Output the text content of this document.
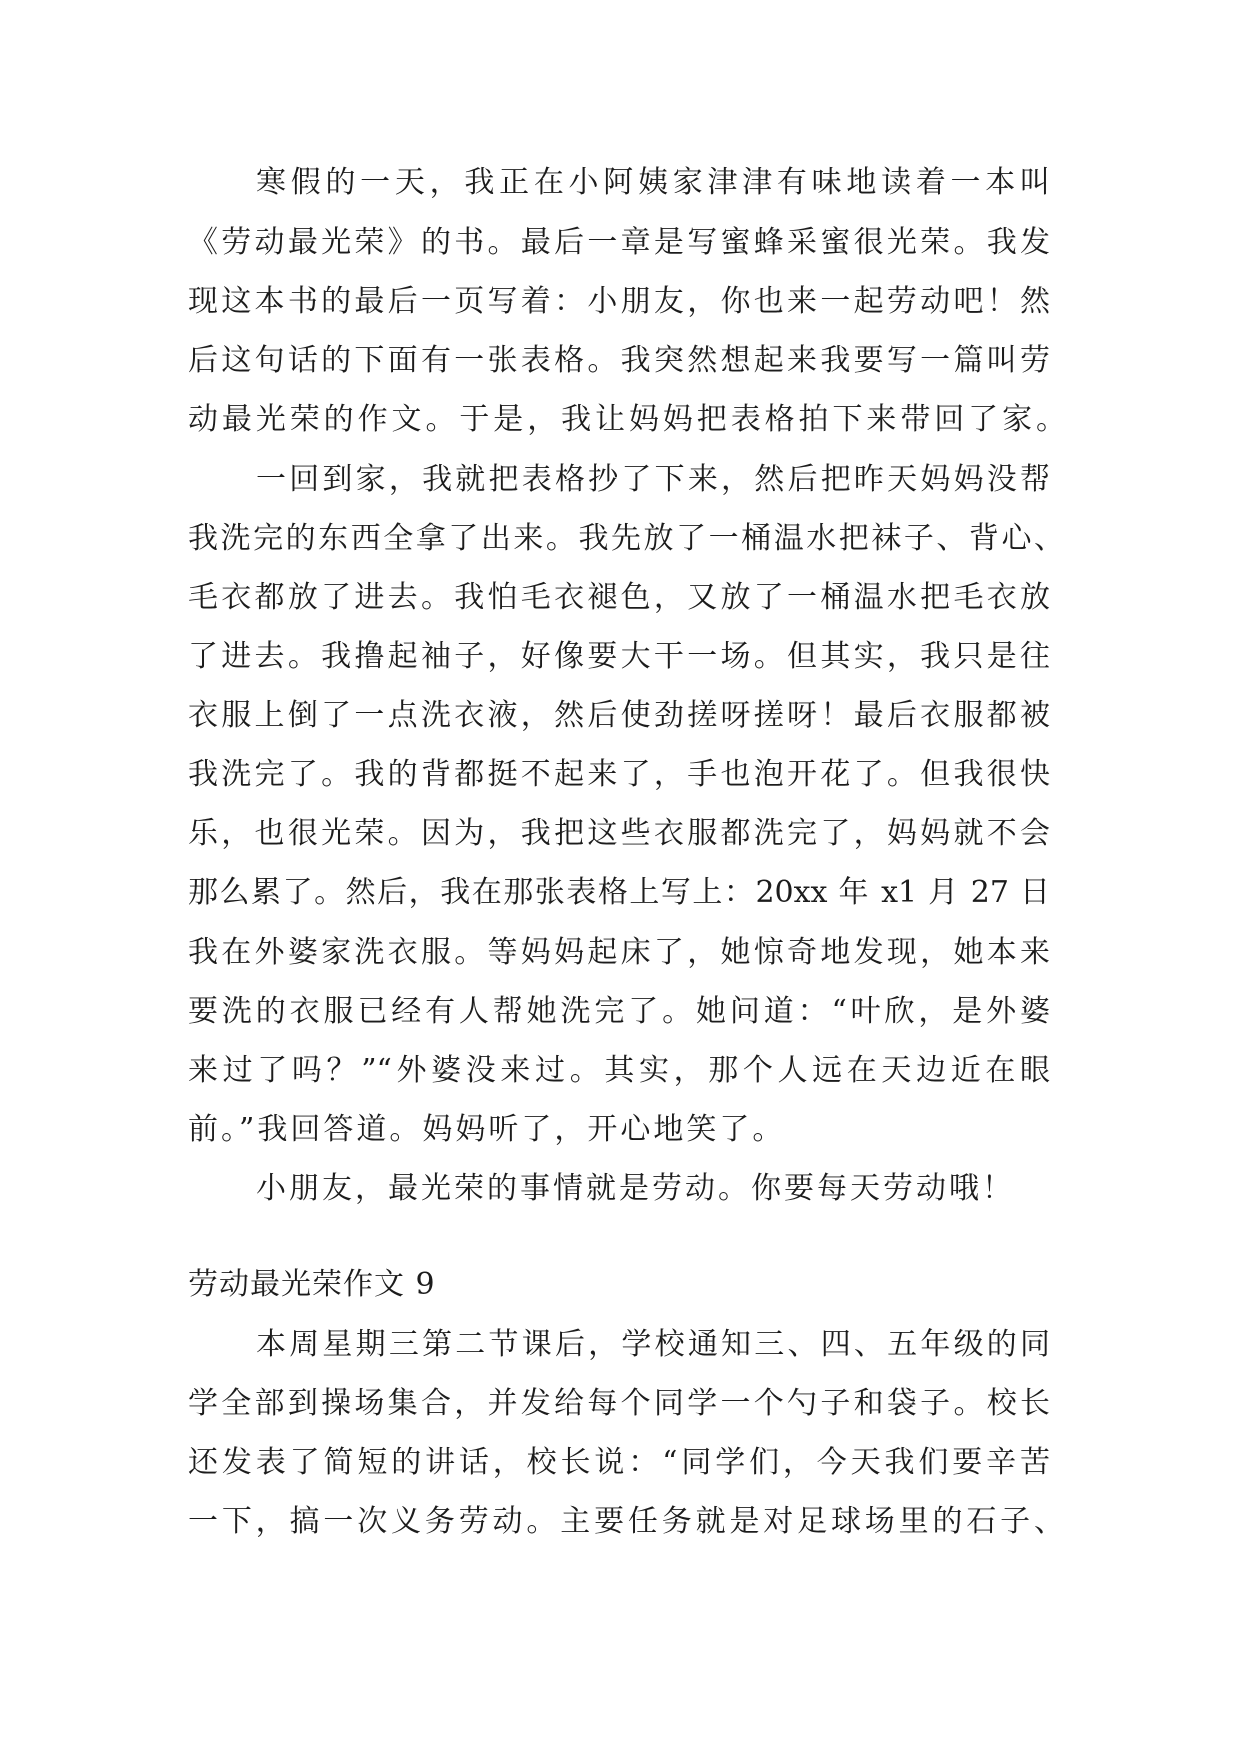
寒假的一天，我正在小阿姨家津津有味地读着一本叫
《劳动最光荣》的书。最后一章是写蜜蜂采蜜很光荣。我发
现这本书的最后一页写着：小朋友，你也来一起劳动吧！然
后这句话的下面有一张表格。我突然想起来我要写一篇叫劳
动最光荣的作文。于是，我让妈妈把表格拍下来带回了家。
一回到家，我就把表格抄了下来，然后把昨天妈妈没帮
我洗完的东西全拿了出来。我先放了一桶温水把袜子、背心、
毛衣都放了进去。我怕毛衣褪色，又放了一桶温水把毛衣放
了进去。我撸起袖子，好像要大干一场。但其实，我只是往
衣服上倒了一点洗衣液，然后使劲搓呀搓呀！最后衣服都被
我洗完了。我的背都挺不起来了，手也泡开花了。但我很快
乐，也很光荣。因为，我把这些衣服都洗完了，妈妈就不会
那么累了。然后，我在那张表格上写上：20xx 年 x1 月 27 日
我在外婆家洗衣服。等妈妈起床了，她惊奇地发现，她本来
要洗的衣服已经有人帮她洗完了。她问道：“叶欣，是外婆
来过了吗？”“外婆没来过。其实，那个人远在天边近在眼
前。”我回答道。妈妈听了，开心地笑了。
小朋友，最光荣的事情就是劳动。你要每天劳动哦！
劳动最光荣作文 9
本周星期三第二节课后，学校通知三、四、五年级的同
学全部到操场集合，并发给每个同学一个勺子和袋子。校长
还发表了简短的讲话，校长说：“同学们，今天我们要辛苦
一下，搞一次义务劳动。主要任务就是对足球场里的石子、
